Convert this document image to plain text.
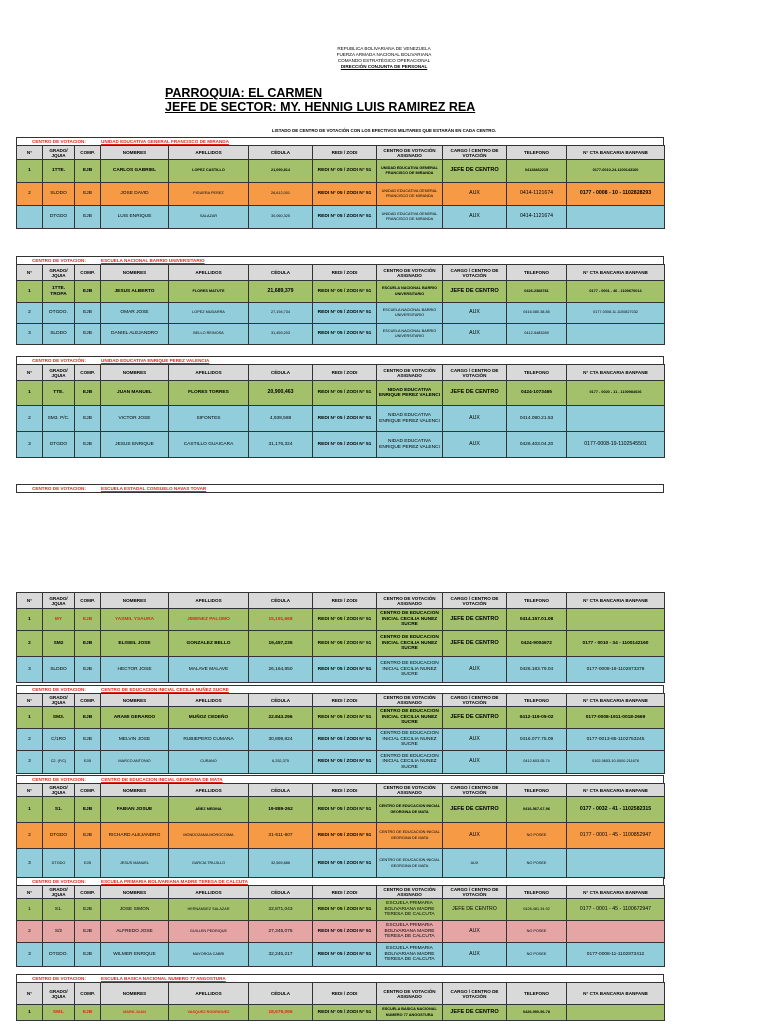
REPUBLICA BOLIVARIANA DE VENEZUELA
FUERZA ARMADA NACIONAL BOLIVARIANA
COMANDO ESTRATÉGICO OPERACIONAL
DIRECCIÓN CONJUNTA DE PERSONAL
PARROQUIA: EL CARMEN
JEFE DE SECTOR: MY. HENNIG LUIS RAMIREZ REA
LISTADO DE CENTRO DE VOTACIÓN CON LOS EFECTIVOS MILITARES QUE ESTARÁN EN CADA CENTRO.
CENTRO DE VOTACION:	UNIDAD EDUCATIVA GENERAL FRANCISCO DE MIRANDA
N°	GRADO/ JQUIA	COMP.	NOMBRES	APELLIDOS	CÉDULA	REDI / ZODI	CENTRO DE VOTACIÓN ASIGNADO	CARGO / CENTRO DE VOTACIÓN	TELEFONO	N° CTA BANCARIA BANFANB
1	1TTE.	EJB	CARLOS GABRIEL	LOPEZ CASTILLO	21,090,814	REDI N° 05 / ZODI N° 51	UNIDAD EDUCATIVA GENERAL FRANCISCO DE MIRANDA	JEFE DE CENTRO	04128462215	0177-0010-24-1100143160
2	SLDDO	EJB	JOSE DAVID	FIGUERA PEREZ	26,612,001	REDI N° 05 / ZODI N° 51	UNIDAD EDUCATIVA GENERAL FRANCISCO DE MIRANDA	AUX	0414-1121674	0177 - 0008 - 10 - 1102828293
	DTGDO	EJB	LUIS ENRIQUE	SALAZAR	30,060,325	REDI N° 05 / ZODI N° 51	UNIDAD EDUCATIVA GENERAL FRANCISCO DE MIRANDA	AUX	0414-1121674	
CENTRO DE VOTACION:	ESCUELA NACIONAL BARRIO UNIVERSITARIO
N°	GRADO/ JQUIA	COMP.	NOMBRES	APELLIDOS	CÉDULA	REDI / ZODI	CENTRO DE VOTACIÓN ASIGNADO	CARGO / CENTRO DE VOTACIÓN	TELEFONO	N° CTA BANCARIA BANFANB
1	1TTE. TROPA	EJB	JESUS ALBERTO	FLORES MATUTE	21,689,379	REDI N° 05 / ZODI N° 51	ESCUELA NACIONAL BARRIO UNIVERSITARIO	JEFE DE CENTRO	0426-2368781	0177 - 0001 - 46 - 1100670014
2	DTGDO.	EJB	OMAR JOSE	LOPEZ MUDARRA	27,194,734	REDI N° 05 / ZODI N° 51	ESCUELA NACIONAL BARRIO UNIVERSITARIO	AUX	0416.080.38.85	0177.0008.11.1100827032
3	SLDDO	EJB	DANIEL ALEJANDRO	BELLO REINOSA	31,459,203	REDI N° 05 / ZODI N° 51	ESCUELA NACIONAL BARRIO UNIVERSITARIO	AUX	0412-5483289	
CENTRO DE VOTACIÓN:	UNIDAD EDUCATIVA ENRIQUE PEREZ VALENCIA
N°	GRADO/ JQUIA	COMP.	NOMBRES	APELLIDOS	CÉDULA	REDI / ZODI	CENTRO DE VOTACIÓN ASIGNADO	CARGO / CENTRO DE VOTACIÓN	TELEFONO	N° CTA BANCARIA BANFANB
1	TTE.	EJB	JUAN MANUEL	FLORES TORRES	20,900,463	REDI N° 05 / ZODI N° 51	NIDAD EDUCATIVA ENRIQUE PEREZ VALENCI	JEFE DE CENTRO	0424-1073465	0177 - 0020 - 11 - 1100984026
2	SM3. P/C.	EJB	VICTOR JOSE	SIFONTES	4,939,588	REDI N° 05 / ZODI N° 51	NIDAD EDUCATIVA ENRIQUE PEREZ VALENCI	AUX	0414.080.21.53	
3	DTGDO	EJB	JESUS ENRIQUE	CASTILLO GUAICARA	31,176,324	REDI N° 05 / ZODI N° 51	NIDAD EDUCATIVA ENRIQUE PEREZ VALENCI	AUX	0426.403.04.20	0177-0008-19-1102545501
CENTRO DE VOTACION:	ESCUELA ESTADAL CONSUELO NAVAS TOVAR
N°	GRADO/ JQUIA	COMP.	NOMBRES	APELLIDOS	CÉDULA	REDI / ZODI	CENTRO DE VOTACIÓN ASIGNADO	CARGO / CENTRO DE VOTACIÓN	TELEFONO	N° CTA BANCARIA BANFANB
1	MY	EJB	YASMIL YSAURA	JIMENEZ PALOMO	15,191,668	REDI N° 05 / ZODI N° 51	CENTRO DE EDUCACION INICIAL CECILIA NUNEZ SUCRE	JEFE DE CENTRO	0414.157.01.08	
2	SM2	EJB	ELISEIL JOSE	GONZALEZ BELLO	19,457,235	REDI N° 05 / ZODI N° 51	CENTRO DE EDUCACION INICIAL CECILIA NUNEZ SUCRE	JEFE DE CENTRO	0424-9004672	0177 - 0010 - 34 - 1100142160
3	SLDDO	EJB	HECTOR JOSE	MALAVE MALAVE	26,164,850	REDI N° 05 / ZODI N° 51	CENTRO DE EDUCACION INICIAL CECILIA NUNEZ SUCRE	AUX	0426.183.79.04	0177-0008-18-1102873378
CENTRO DE VOTACION:	CENTRO DE EDUCACION INICIAL CECILIA NUÑEZ SUCRE
N°	GRADO/ JQUIA	COMP.	NOMBRES	APELLIDOS	CÉDULA	REDI / ZODI	CENTRO DE VOTACIÓN ASIGNADO	CARGO / CENTRO DE VOTACIÓN	TELEFONO	N° CTA BANCARIA BANFANB
1	SM3.	EJB	ARAMI GERARDO	MUÑOZ CEDEÑO	22.843.296	REDI N° 05 / ZODI N° 51	CENTRO DE EDUCACION INICIAL CECILIA NUNEZ SUCRE	JEFE DE CENTRO	0412-119-05-02	0177-0008-1911-0018-2669
2	C/1RO	EJB	MELVIN JOSE	RUBIEPERO CUMANA	30,899,824	REDI N° 05 / ZODI N° 51	CENTRO DE EDUCACION INICIAL CECILIA NUNEZ SUCRE	AUX	0416.077.75.09	0177-0013-85-1102753245
3	C2. (F/C)	EJB	MARCO ANTONIO	CURANO	6,252,375	REDI N° 05 / ZODI N° 51	CENTRO DE EDUCACION INICIAL CECILIA NUNEZ SUCRE	AUX	0412.603.05.74	0102-0653-10-0000-211676
CENTRO DE VOTACION:	CENTRO DE EDUCACION INICIAL GEORGINA DE MATA
N°	GRADO/ JQUIA	COMP.	NOMBRES	APELLIDOS	CÉDULA	REDI / ZODI	CENTRO DE VOTACIÓN ASIGNADO	CARGO / CENTRO DE VOTACIÓN	TELEFONO	N° CTA BANCARIA BANFANB
1	S1.	EJB	FABIAN JOSUE	AÑEZ MEDINA	19-889-262	REDI N° 05 / ZODI N° 51	CENTRO DE EDUCACION INICIAL GEORGINA DE MATA	JEFE DE CENTRO	0416-567-67-96	0177 - 0032 - 41 - 1102582315
2	DTGDO	EJB	RICHARD ALEJANDRO	MONDOZAMA MOROCOIMA	31-511-607	REDI N° 05 / ZODI N° 51	CENTRO DE EDUCACION INICIAL GEORGINA DE MATA	AUX	NO POSEE	0177 - 0001 - 45 - 1100852947
3	DTGDO	EJB	JESUS MANUEL	GARCIA TRUJILLO	32,569,886	REDI N° 05 / ZODI N° 51	CENTRO DE EDUCACION INICIAL GEORGINA DE MATA	AUX	NO POSEE	
CENTRO DE VOTACION:	ESCUELA PRIMARIA BOLIVARIANA MADRE TERESA DE CALCUTA
N°	GRADO/ JQUIA	COMP.	NOMBRES	APELLIDOS	CÉDULA	REDI / ZODI	CENTRO DE VOTACIÓN ASIGNADO	CARGO / CENTRO DE VOTACIÓN	TELEFONO	N° CTA BANCARIA BANFANB
1	S1.	EJB	JOSE SIMON	HERNANDEZ SALAZAR	22,871,043	REDI N° 05 / ZODI N° 51	ESCUELA PRIMARIA BOLIVARIANA MADRE TERESA DE CALCUTA	JEFE DE CENTRO	0426.481.34.92	0177 - 0001 - 45 - 1100672947
2	S/2	EJB	ALFREDO JOSE	GUILLEN PEDRIQUE	27,345,075	REDI N° 05 / ZODI N° 51	ESCUELA PRIMARIA BOLIVARIANA MADRE TERESA DE CALCUTA	AUX	NO POSEE	
3	DTGDO.	EJB	WILMER ENRIQUE	MAYORGA CABRI	32,245,217	REDI N° 05 / ZODI N° 51	ESCUELA PRIMARIA BOLIVARIANA MADRE TERESA DE CALCUTA	AUX	NO POSEE	0177-0008-11-1102873412
CENTRO DE VOTACION:	ESCUELA BASICA NACIONAL NUMERO 77 ANGOSTURA
N°	GRADO/ JQUIA	COMP.	NOMBRES	APELLIDOS	CÉDULA	REDI / ZODI	CENTRO DE VOTACIÓN ASIGNADO	CARGO / CENTRO DE VOTACIÓN	TELEFONO	N° CTA BANCARIA BANFANB
1	SM1.	EJB	MARK JUAN	VASQUEZ RODRIGUEZ	18,679,066	REDI N° 05 / ZODI N° 51	ESCUELA BASICA NACIONAL NUMERO 77 ANGOSTURA	JEFE DE CENTRO	0426-990-56-78	
